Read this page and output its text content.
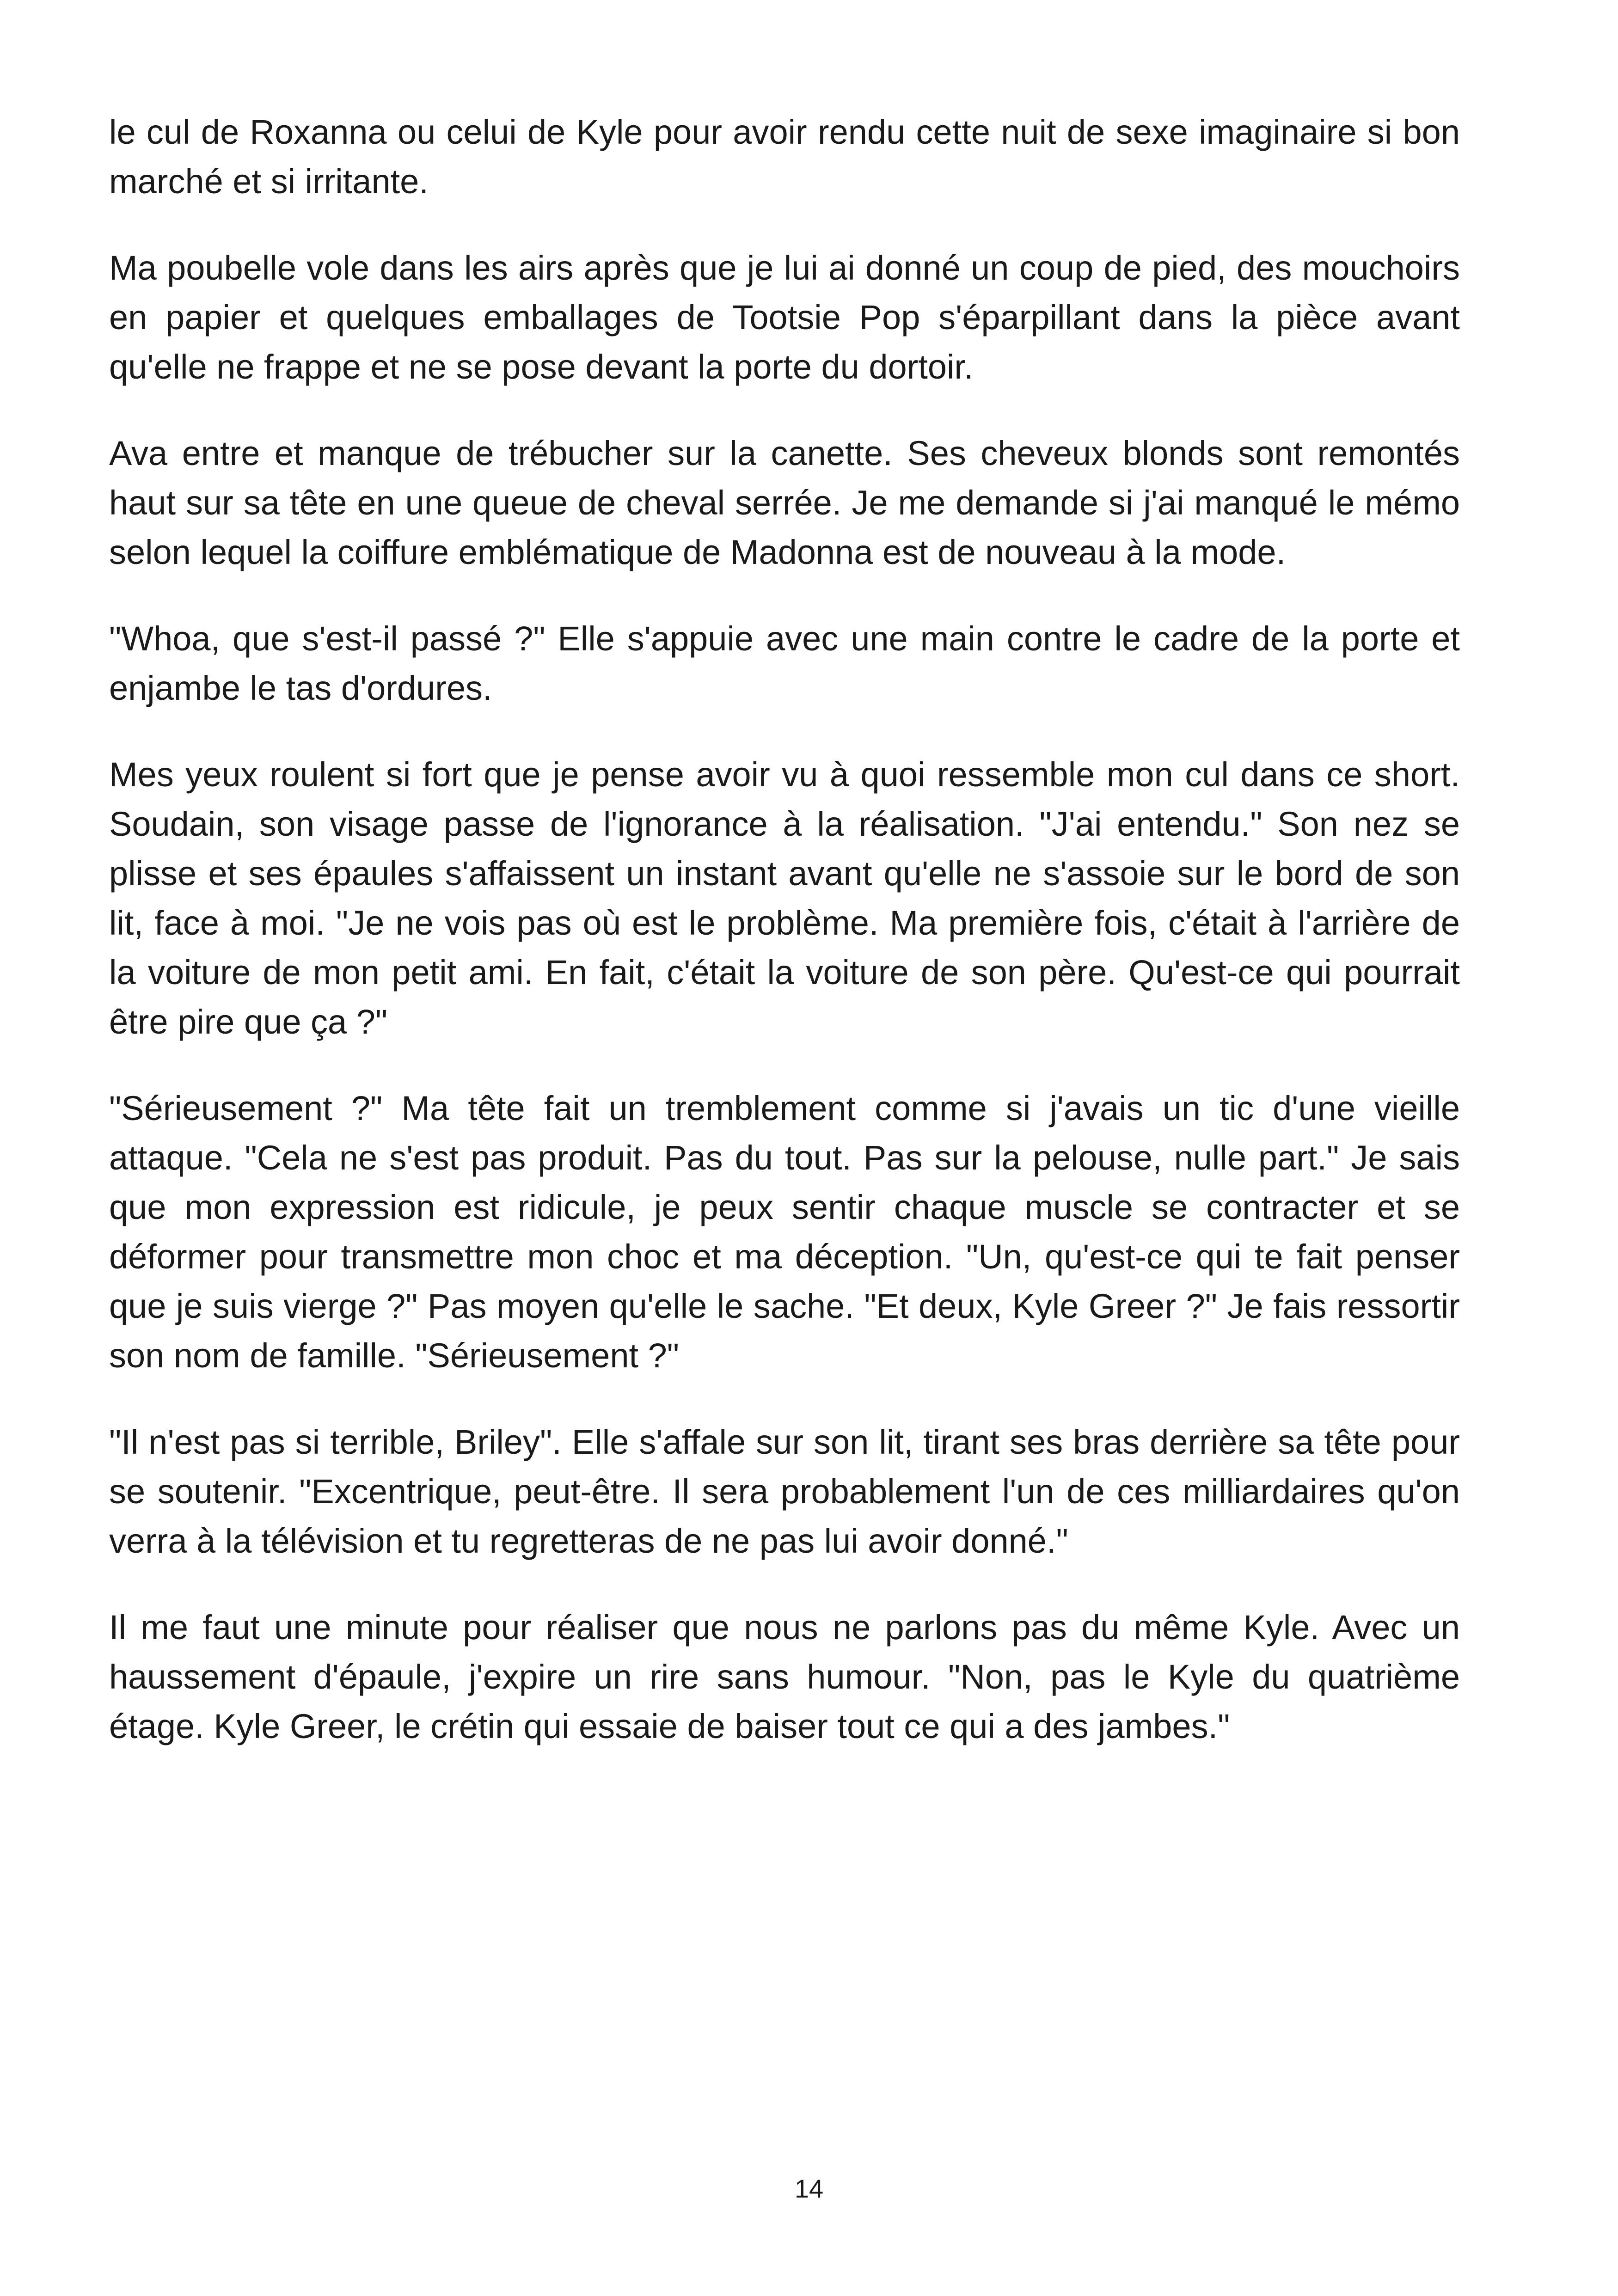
le cul de Roxanna ou celui de Kyle pour avoir rendu cette nuit de sexe imaginaire si bon marché et si irritante.

Ma poubelle vole dans les airs après que je lui ai donné un coup de pied, des mouchoirs en papier et quelques emballages de Tootsie Pop s'éparpillant dans la pièce avant qu'elle ne frappe et ne se pose devant la porte du dortoir.

Ava entre et manque de trébucher sur la canette. Ses cheveux blonds sont remontés haut sur sa tête en une queue de cheval serrée. Je me demande si j'ai manqué le mémo selon lequel la coiffure emblématique de Madonna est de nouveau à la mode.

"Whoa, que s'est-il passé ?" Elle s'appuie avec une main contre le cadre de la porte et enjambe le tas d'ordures.

Mes yeux roulent si fort que je pense avoir vu à quoi ressemble mon cul dans ce short. Soudain, son visage passe de l'ignorance à la réalisation. "J'ai entendu." Son nez se plisse et ses épaules s'affaissent un instant avant qu'elle ne s'assoie sur le bord de son lit, face à moi. "Je ne vois pas où est le problème. Ma première fois, c'était à l'arrière de la voiture de mon petit ami. En fait, c'était la voiture de son père. Qu'est-ce qui pourrait être pire que ça ?"

"Sérieusement ?" Ma tête fait un tremblement comme si j'avais un tic d'une vieille attaque. "Cela ne s'est pas produit. Pas du tout. Pas sur la pelouse, nulle part." Je sais que mon expression est ridicule, je peux sentir chaque muscle se contracter et se déformer pour transmettre mon choc et ma déception. "Un, qu'est-ce qui te fait penser que je suis vierge ?" Pas moyen qu'elle le sache. "Et deux, Kyle Greer ?" Je fais ressortir son nom de famille. "Sérieusement ?"

"Il n'est pas si terrible, Briley". Elle s'affale sur son lit, tirant ses bras derrière sa tête pour se soutenir. "Excentrique, peut-être. Il sera probablement l'un de ces milliardaires qu'on verra à la télévision et tu regretteras de ne pas lui avoir donné."

Il me faut une minute pour réaliser que nous ne parlons pas du même Kyle. Avec un haussement d'épaule, j'expire un rire sans humour. "Non, pas le Kyle du quatrième étage. Kyle Greer, le crétin qui essaie de baiser tout ce qui a des jambes."

14
